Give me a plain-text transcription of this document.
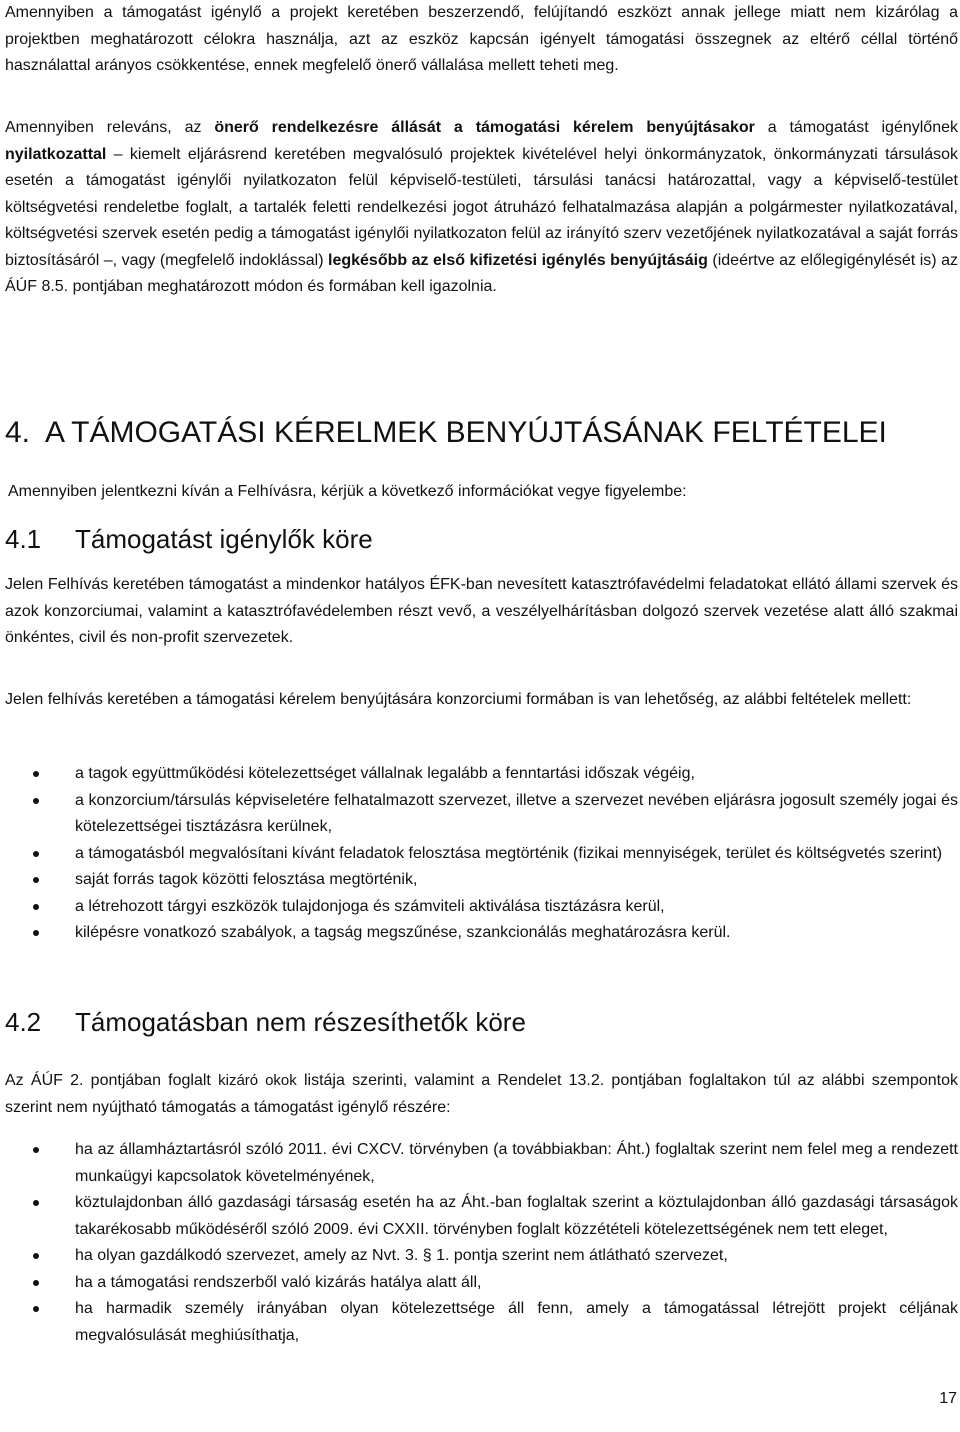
Amennyiben a támogatást igénylő a projekt keretében beszerzendő, felújítandó eszközt annak jellege miatt nem kizárólag a projektben meghatározott célokra használja, azt az eszköz kapcsán igényelt támogatási összegnek az eltérő céllal történő használattal arányos csökkentése, ennek megfelelő önerő vállalása mellett teheti meg.

Amennyiben releváns, az önerő rendelkezésre állását a támogatási kérelem benyújtásakor a támogatást igénylőnek nyilatkozattal – kiemelt eljárásrend keretében megvalósuló projektek kivételével helyi önkormányzatok, önkormányzati társulások esetén a támogatást igénylői nyilatkozaton felül képviselő-testületi, társulási tanácsi határozattal, vagy a képviselő-testület költségvetési rendeletbe foglalt, a tartalék feletti rendelkezési jogot átruházó felhatalmazása alapján a polgármester nyilatkozatával, költségvetési szervek esetén pedig a támogatást igénylői nyilatkozaton felül az irányító szerv vezetőjének nyilatkozatával a saját forrás biztosításáról –, vagy (megfelelő indoklással) legkésőbb az első kifizetési igénylés benyújtásáig (ideértve az előlegigénylését is) az ÁÚF 8.5. pontjában meghatározott módon és formában kell igazolnia.

4. A TÁMOGATÁSI KÉRELMEK BENYÚJTÁSÁNAK FELTÉTELEI

Amennyiben jelentkezni kíván a Felhívásra, kérjük a következő információkat vegye figyelembe:

4.1 Támogatást igénylők köre

Jelen Felhívás keretében támogatást a mindenkor hatályos ÉFK-ban nevesített katasztrófavédelmi feladatokat ellátó állami szervek és azok konzorciumai, valamint a katasztrófavédelemben részt vevő, a veszélyelhárításban dolgozó szervek vezetése alatt álló szakmai önkéntes, civil és non-profit szervezetek.

Jelen felhívás keretében a támogatási kérelem benyújtására konzorciumi formában is van lehetőség, az alábbi feltételek mellett:

a tagok együttműködési kötelezettséget vállalnak legalább a fenntartási időszak végéig,
a konzorcium/társulás képviseletére felhatalmazott szervezet, illetve a szervezet nevében eljárásra jogosult személy jogai és kötelezettségei tisztázásra kerülnek,
a támogatásból megvalósítani kívánt feladatok felosztása megtörténik (fizikai mennyiségek, terület és költségvetés szerint)
saját forrás tagok közötti felosztása megtörténik,
a létrehozott tárgyi eszközök tulajdonjoga és számviteli aktiválása tisztázásra kerül,
kilépésre vonatkozó szabályok, a tagság megszűnése, szankcionálás meghatározásra kerül.
4.2 Támogatásban nem részesíthetők köre

Az ÁÚF 2. pontjában foglalt kizáró okok listája szerinti, valamint a Rendelet 13.2. pontjában foglaltakon túl az alábbi szempontok szerint nem nyújtható támogatás a támogatást igénylő részére:

ha az államháztartásról szóló 2011. évi CXCV. törvényben (a továbbiakban: Áht.) foglaltak szerint nem felel meg a rendezett munkaügyi kapcsolatok követelményének,
köztulajdonban álló gazdasági társaság esetén ha az Áht.-ban foglaltak szerint a köztulajdonban álló gazdasági társaságok takarékosabb működéséről szóló 2009. évi CXXII. törvényben foglalt közzétételi kötelezettségének nem tett eleget,
ha olyan gazdálkodó szervezet, amely az Nvt. 3. § 1. pontja szerint nem átlátható szervezet,
ha a támogatási rendszerből való kizárás hatálya alatt áll,
ha harmadik személy irányában olyan kötelezettsége áll fenn, amely a támogatással létrejött projekt céljának megvalósulását meghiúsíthatja,
17
